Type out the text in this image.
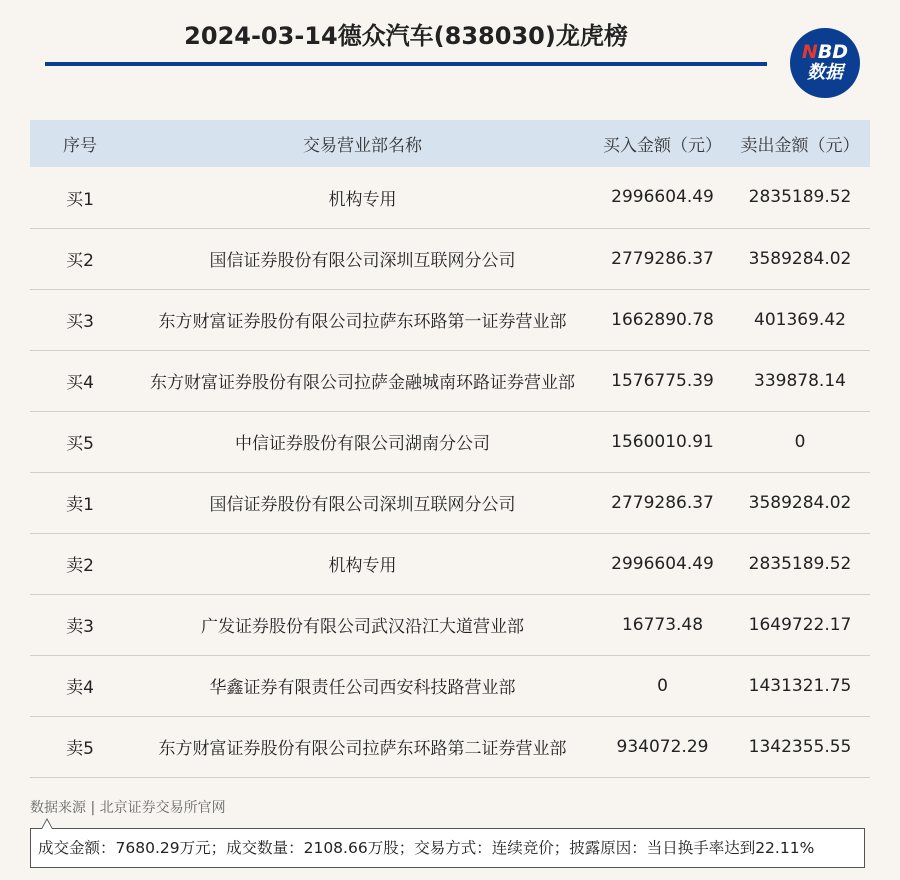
2024-03-14德众汽车(838030)龙虎榜
NBD
数据
序号	交易营业部名称	买入金额（元）	卖出金额（元）
买1	机构专用	2996604.49	2835189.52
买2	国信证券股份有限公司深圳互联网分公司	2779286.37	3589284.02
买3	东方财富证券股份有限公司拉萨东环路第一证券营业部	1662890.78	401369.42
买4	东方财富证券股份有限公司拉萨金融城南环路证券营业部	1576775.39	339878.14
买5	中信证券股份有限公司湖南分公司	1560010.91	0
卖1	国信证券股份有限公司深圳互联网分公司	2779286.37	3589284.02
卖2	机构专用	2996604.49	2835189.52
卖3	广发证券股份有限公司武汉沿江大道营业部	16773.48	1649722.17
卖4	华鑫证券有限责任公司西安科技路营业部	0	1431321.75
卖5	东方财富证券股份有限公司拉萨东环路第二证券营业部	934072.29	1342355.55
数据来源 | 北京证券交易所官网
成交金额：7680.29万元；成交数量：2108.66万股；交易方式：连续竞价；披露原因：当日换手率达到22.11%
